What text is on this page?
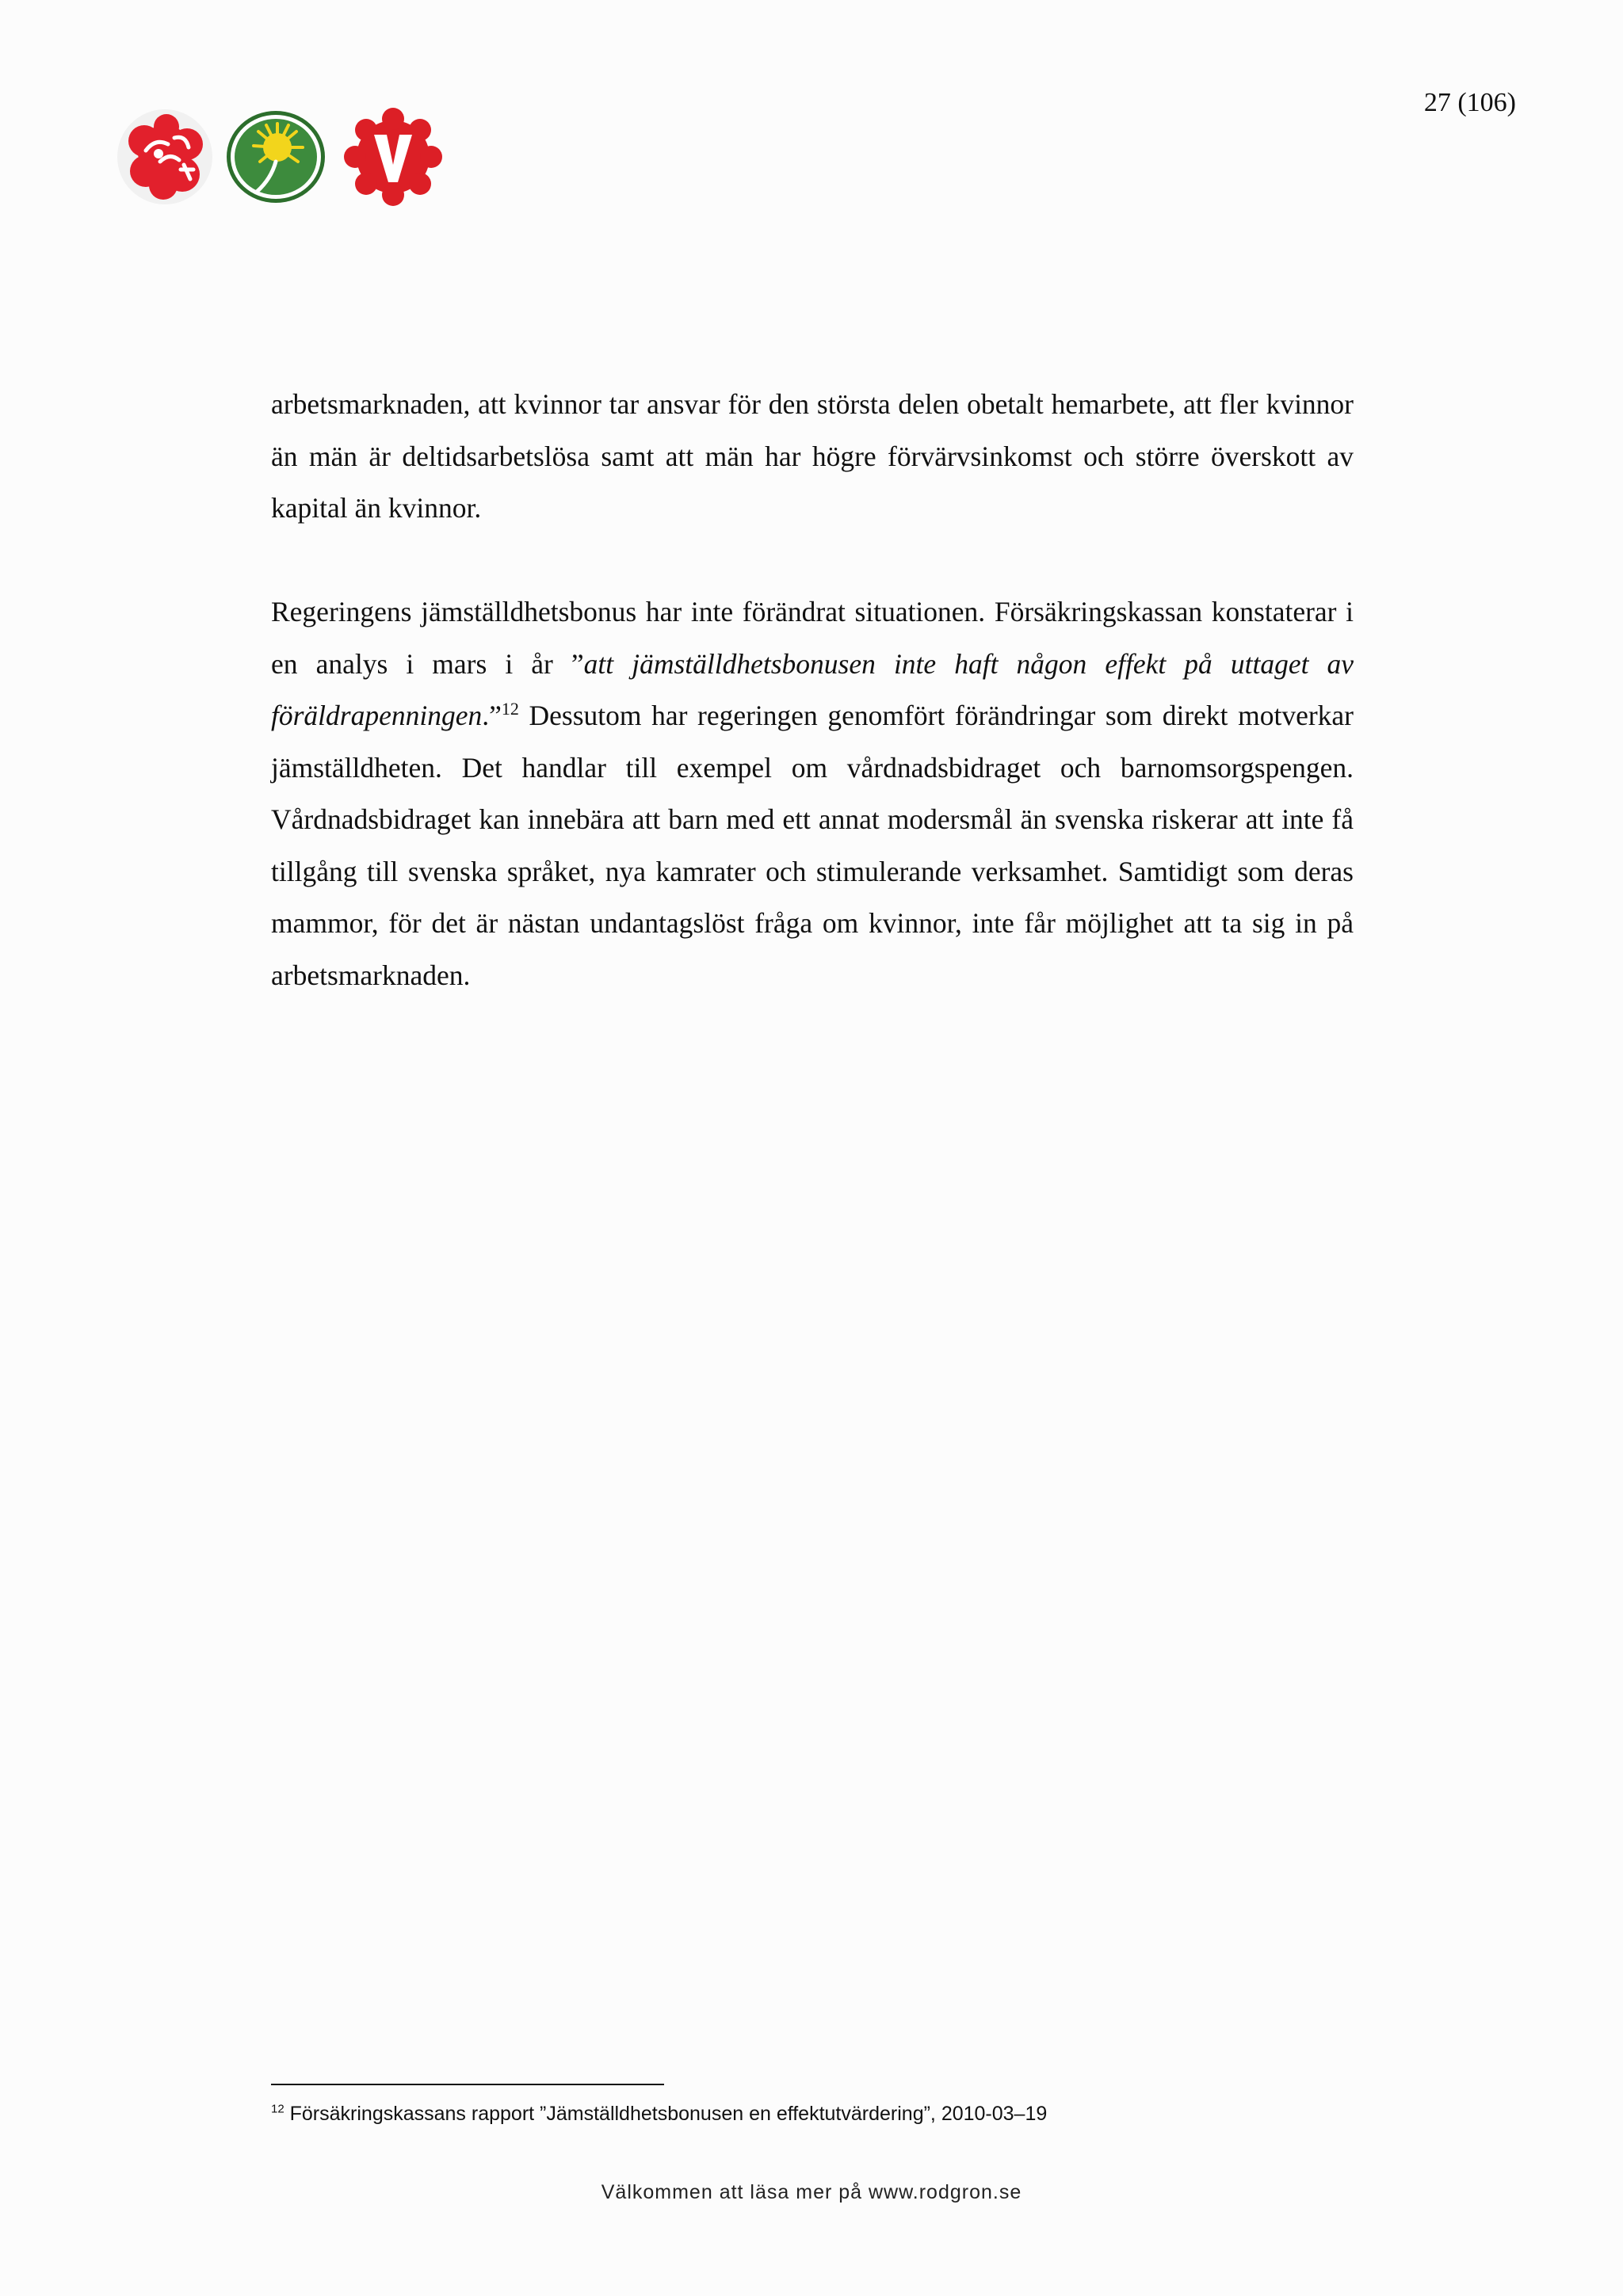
27 (106)

arbetsmarknaden, att kvinnor tar ansvar för den största delen obetalt hemarbete, att fler kvinnor än män är deltidsarbetslösa samt att män har högre förvärvsinkomst och större överskott av kapital än kvinnor.

Regeringens jämställdhetsbonus har inte förändrat situationen. Försäkringskassan konstaterar i en analys i mars i år ”att jämställdhetsbonusen inte haft någon effekt på uttaget av föräldrapenningen.”$^{12}$ Dessutom har regeringen genomfört förändringar som direkt motverkar jämställdheten. Det handlar till exempel om vårdnadsbidraget och barnomsorgspengen. Vårdnadsbidraget kan innebära att barn med ett annat modersmål än svenska riskerar att inte få tillgång till svenska språket, nya kamrater och stimulerande verksamhet. Samtidigt som deras mammor, för det är nästan undantagslöst fråga om kvinnor, inte får möjlighet att ta sig in på arbetsmarknaden.

$^{12}$ Försäkringskassans rapport ”Jämställdhetsbonusen en effektutvärdering”, 2010-03–19
Välkommen att läsa mer på www.rodgron.se
